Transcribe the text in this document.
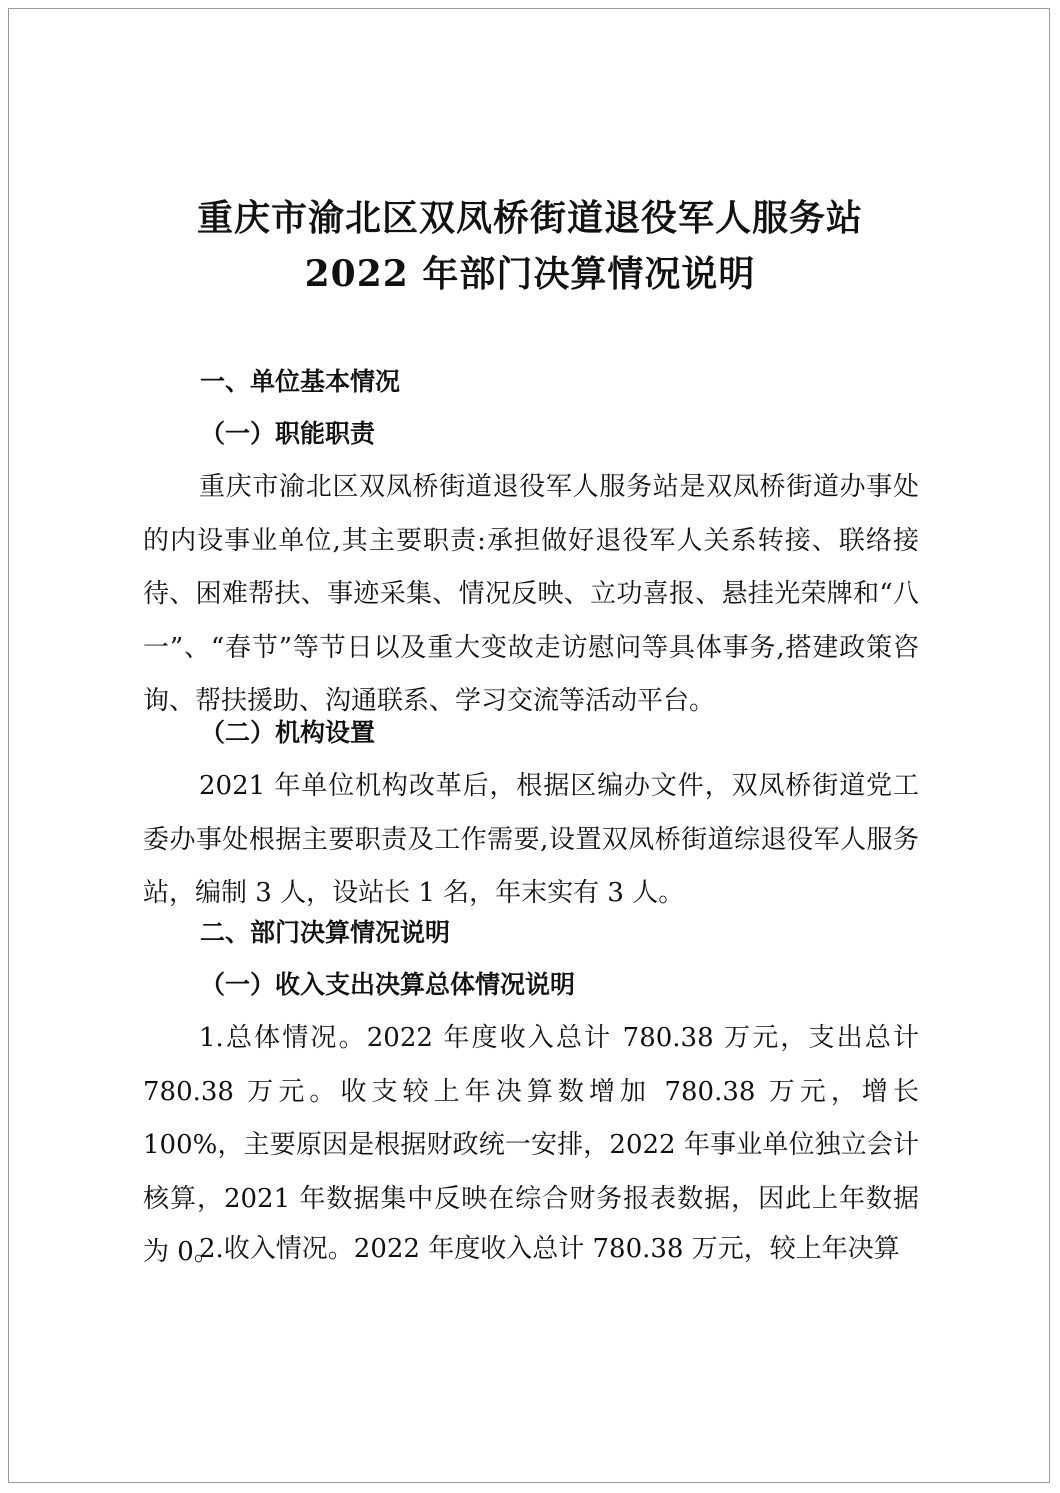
重庆市渝北区双凤桥街道退役军人服务站
2022 年部门决算情况说明
一、单位基本情况
（一）职能职责

重庆市渝北区双凤桥街道退役军人服务站是双凤桥街道办事处的内设事业单位,其主要职责:承担做好退役军人关系转接、联络接待、困难帮扶、事迹采集、情况反映、立功喜报、悬挂光荣牌和“八一”、“春节”等节日以及重大变故走访慰问等具体事务,搭建政策咨询、帮扶援助、沟通联系、学习交流等活动平台。

（二）机构设置

2021 年单位机构改革后，根据区编办文件，双凤桥街道党工委办事处根据主要职责及工作需要,设置双凤桥街道综退役军人服务站，编制 3 人，设站长 1 名，年末实有 3 人。

二、部门决算情况说明
（一）收入支出决算总体情况说明

1.总体情况。2022 年度收入总计 780.38 万元，支出总计 780.38 万元。收支较上年决算数增加 780.38 万元，增长 100%，主要原因是根据财政统一安排，2022 年事业单位独立会计核算，2021 年数据集中反映在综合财务报表数据，因此上年数据为 0。

2.收入情况。2022 年度收入总计 780.38 万元，较上年决算
